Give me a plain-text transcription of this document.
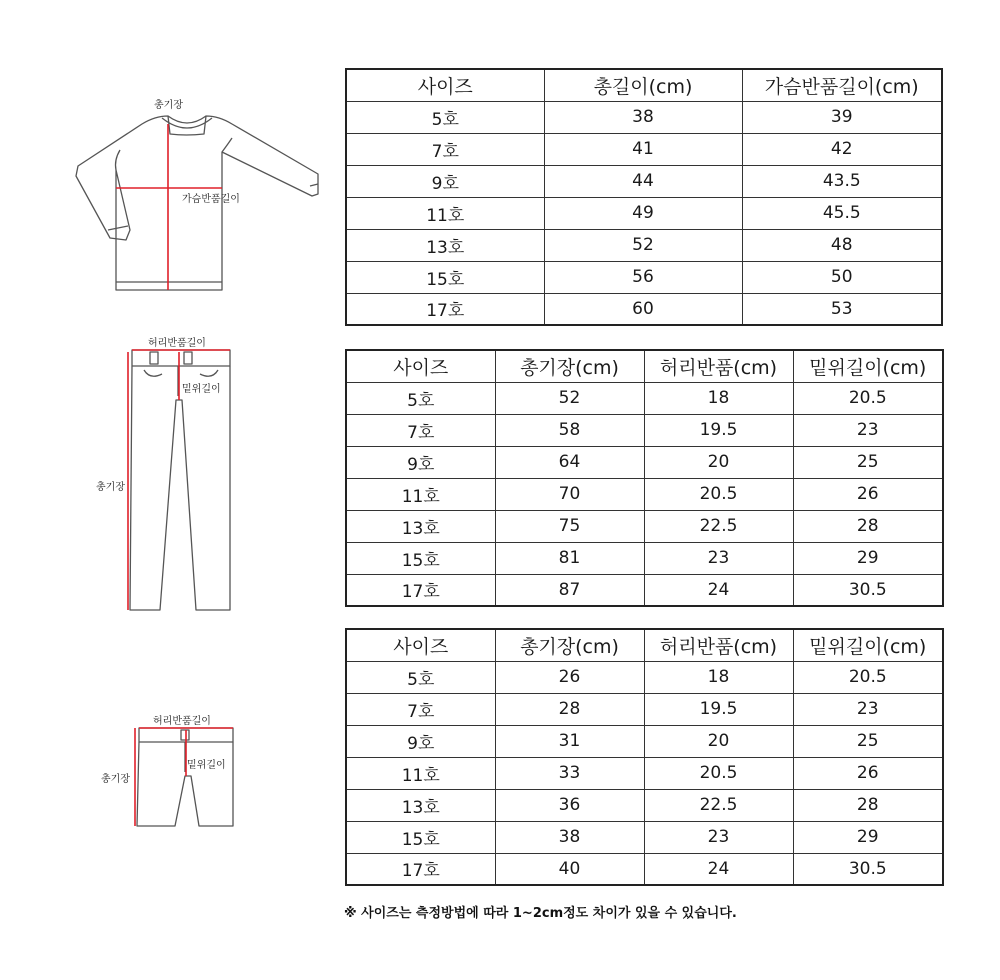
총기장
가슴반품길이
허리반품길이
밑위길이
총기장
허리반품길이
밑위길이
총기장
사이즈	총길이(cm)	가슴반품길이(cm)
5호	38	39
7호	41	42
9호	44	43.5
11호	49	45.5
13호	52	48
15호	56	50
17호	60	53
사이즈	총기장(cm)	허리반품(cm)	밑위길이(cm)
5호	52	18	20.5
7호	58	19.5	23
9호	64	20	25
11호	70	20.5	26
13호	75	22.5	28
15호	81	23	29
17호	87	24	30.5
사이즈	총기장(cm)	허리반품(cm)	밑위길이(cm)
5호	26	18	20.5
7호	28	19.5	23
9호	31	20	25
11호	33	20.5	26
13호	36	22.5	28
15호	38	23	29
17호	40	24	30.5
※ 사이즈는 측정방법에 따라 1~2cm정도 차이가 있을 수 있습니다.
